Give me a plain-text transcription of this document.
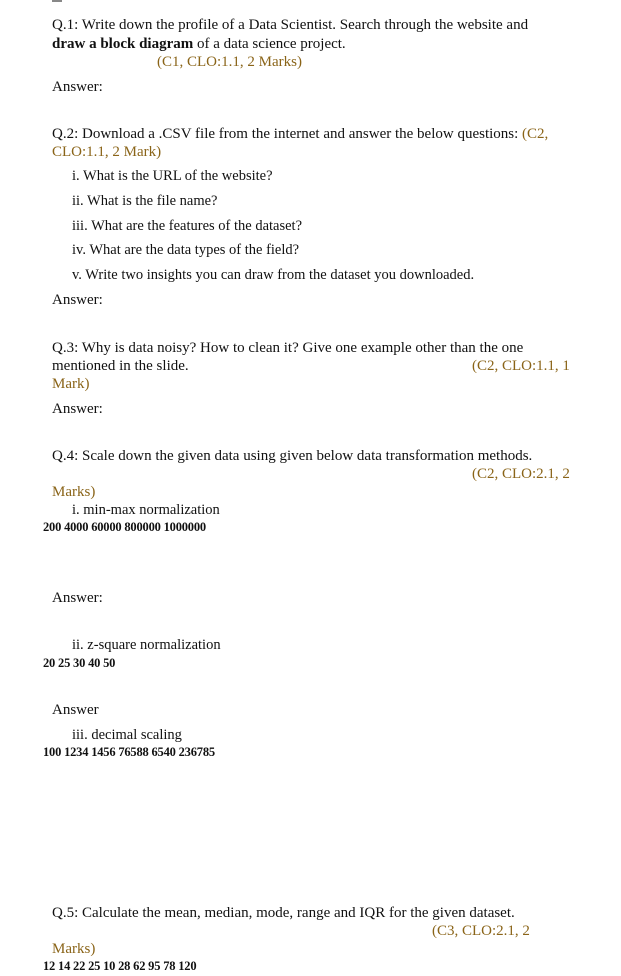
Q.1: Write down the profile of a Data Scientist. Search through the website and
draw a block diagram of a data science project.
(C1, CLO:1.1, 2 Marks)
Answer:
Q.2: Download a .CSV file from the internet and answer the below questions: (C2,
CLO:1.1, 2 Mark)
i. What is the URL of the website?
ii. What is the file name?
iii. What are the features of the dataset?
iv. What are the data types of the field?
v. Write two insights you can draw from the dataset you downloaded.
Answer:
Q.3: Why is data noisy? How to clean it? Give one example other than the one
mentioned in the slide.	(C2, CLO:1.1, 1
Mark)
Answer:
Q.4: Scale down the given data using given below data transformation methods.
(C2, CLO:2.1, 2
Marks)
i. min-max normalization
200 4000 60000 800000 1000000
Answer:
ii. z-square normalization
20 25 30 40 50
Answer
iii. decimal scaling
100 1234 1456 76588 6540 236785
Q.5: Calculate the mean, median, mode, range and IQR for the given dataset.
(C3, CLO:2.1, 2
Marks)
12 14 22 25 10 28 62 95 78 120
